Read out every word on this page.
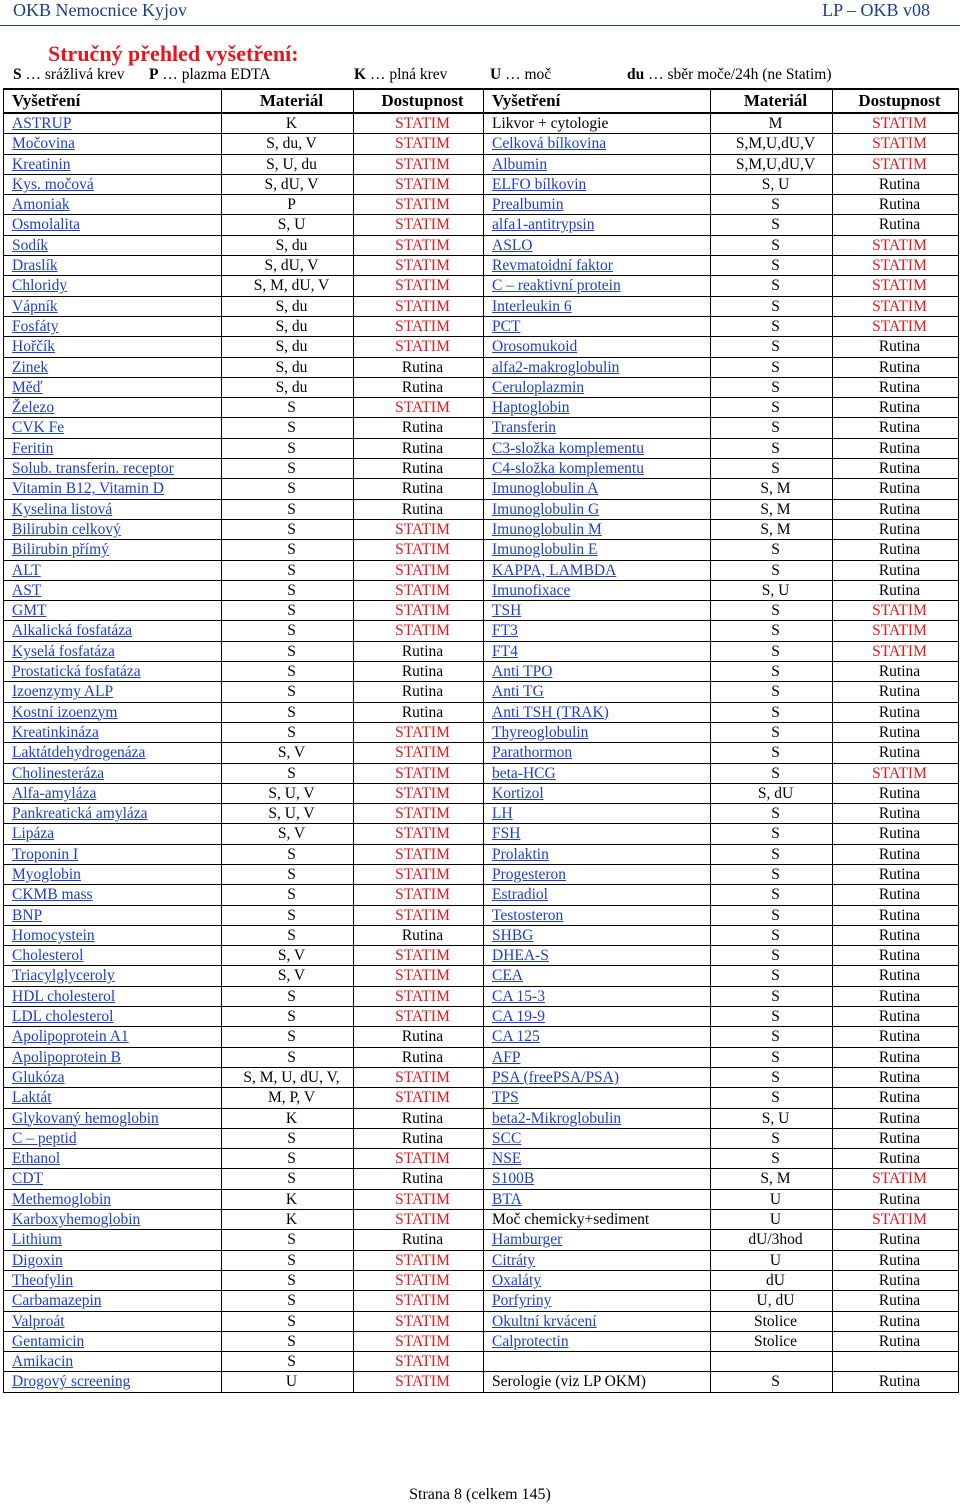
OKB Nemocnice Kyjov	LP – OKB v08
Stručný přehled vyšetření:
S … srážlivá krev P … plazma EDTA	K … plná krev	U … moč	du … sběr moče/24h (ne Statim)
Vyšetření	Materiál	Dostupnost	Vyšetření	Materiál	Dostupnost
ASTRUP	K	STATIM	Likvor + cytologie	M	STATIM
Močovina	S, du, V	STATIM	Celková bílkovina	S,M,U,dU,V	STATIM
Kreatinin	S, U, du	STATIM	Albumin	S,M,U,dU,V	STATIM
Kys. močová	S, dU, V	STATIM	ELFO bílkovin	S, U	Rutina
Amoniak	P	STATIM	Prealbumin	S	Rutina
Osmolalita	S, U	STATIM	alfa1-antitrypsin	S	Rutina
Sodík	S, du	STATIM	ASLO	S	STATIM
Draslík	S, dU, V	STATIM	Revmatoidní faktor	S	STATIM
Chloridy	S, M, dU, V	STATIM	C – reaktivní protein	S	STATIM
Vápník	S, du	STATIM	Interleukin 6	S	STATIM
Fosfáty	S, du	STATIM	PCT	S	STATIM
Hořčík	S, du	STATIM	Orosomukoid	S	Rutina
Zinek	S, du	Rutina	alfa2-makroglobulin	S	Rutina
Měď	S, du	Rutina	Ceruloplazmin	S	Rutina
Železo	S	STATIM	Haptoglobin	S	Rutina
CVK Fe	S	Rutina	Transferin	S	Rutina
Feritin	S	Rutina	C3-složka komplementu	S	Rutina
Solub. transferin. receptor	S	Rutina	C4-složka komplementu	S	Rutina
Vitamin B12, Vitamin D	S	Rutina	Imunoglobulin A	S, M	Rutina
Kyselina listová	S	Rutina	Imunoglobulin G	S, M	Rutina
Bilirubin celkový	S	STATIM	Imunoglobulin M	S, M	Rutina
Bilirubin přímý	S	STATIM	Imunoglobulin E	S	Rutina
ALT	S	STATIM	KAPPA, LAMBDA	S	Rutina
AST	S	STATIM	Imunofixace	S, U	Rutina
GMT	S	STATIM	TSH	S	STATIM
Alkalická fosfatáza	S	STATIM	FT3	S	STATIM
Kyselá fosfatáza	S	Rutina	FT4	S	STATIM
Prostatická fosfatáza	S	Rutina	Anti TPO	S	Rutina
Izoenzymy ALP	S	Rutina	Anti TG	S	Rutina
Kostní izoenzym	S	Rutina	Anti TSH (TRAK)	S	Rutina
Kreatinkináza	S	STATIM	Thyreoglobulin	S	Rutina
Laktátdehydrogenáza	S, V	STATIM	Parathormon	S	Rutina
Cholinesteráza	S	STATIM	beta-HCG	S	STATIM
Alfa-amyláza	S, U, V	STATIM	Kortizol	S, dU	Rutina
Pankreatická amyláza	S, U, V	STATIM	LH	S	Rutina
Lipáza	S, V	STATIM	FSH	S	Rutina
Troponin I	S	STATIM	Prolaktin	S	Rutina
Myoglobin	S	STATIM	Progesteron	S	Rutina
CKMB mass	S	STATIM	Estradiol	S	Rutina
BNP	S	STATIM	Testosteron	S	Rutina
Homocystein	S	Rutina	SHBG	S	Rutina
Cholesterol	S, V	STATIM	DHEA-S	S	Rutina
Triacylglyceroly	S, V	STATIM	CEA	S	Rutina
HDL cholesterol	S	STATIM	CA 15-3	S	Rutina
LDL cholesterol	S	STATIM	CA 19-9	S	Rutina
Apolipoprotein A1	S	Rutina	CA 125	S	Rutina
Apolipoprotein B	S	Rutina	AFP	S	Rutina
Glukóza	S, M, U, dU, V,	STATIM	PSA (freePSA/PSA)	S	Rutina
Laktát	M, P, V	STATIM	TPS	S	Rutina
Glykovaný hemoglobin	K	Rutina	beta2-Mikroglobulin	S, U	Rutina
C – peptid	S	Rutina	SCC	S	Rutina
Ethanol	S	STATIM	NSE	S	Rutina
CDT	S	Rutina	S100B	S, M	STATIM
Methemoglobin	K	STATIM	BTA	U	Rutina
Karboxyhemoglobin	K	STATIM	Moč chemicky+sediment	U	STATIM
Lithium	S	Rutina	Hamburger	dU/3hod	Rutina
Digoxin	S	STATIM	Citráty	U	Rutina
Theofylin	S	STATIM	Oxaláty	dU	Rutina
Carbamazepin	S	STATIM	Porfyriny	U, dU	Rutina
Valproát	S	STATIM	Okultní krvácení	Stolice	Rutina
Gentamicin	S	STATIM	Calprotectin	Stolice	Rutina
Amikacin	S	STATIM			
Drogový screening	U	STATIM	Serologie (viz LP OKM)	S	Rutina
Strana 8 (celkem 145)
